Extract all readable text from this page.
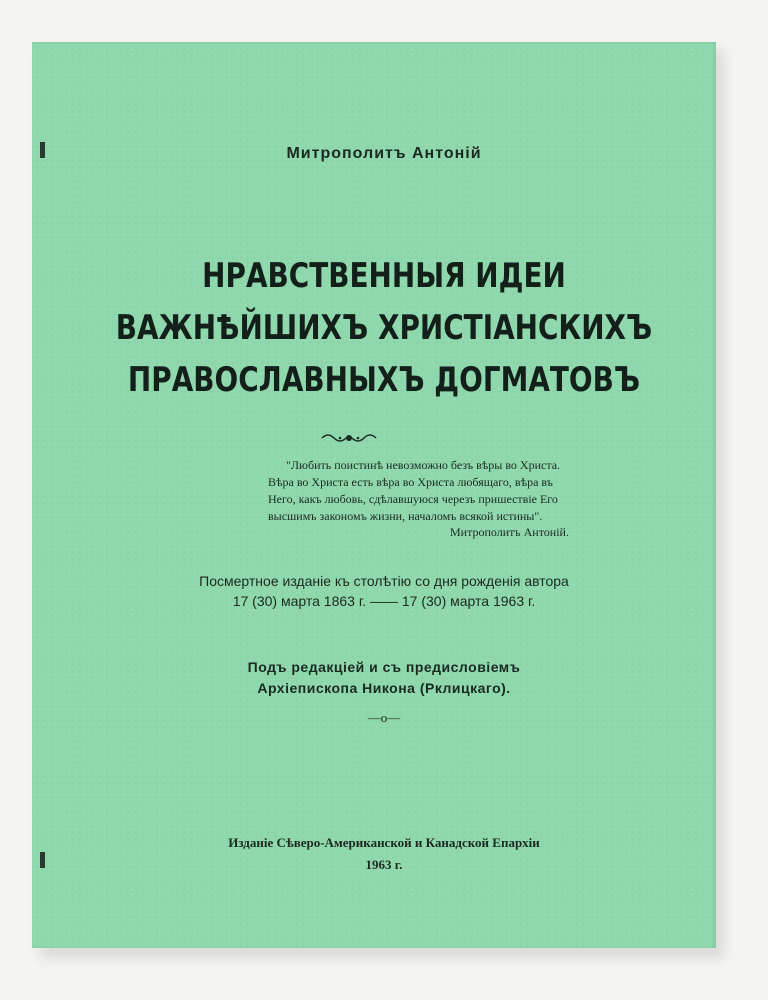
Митрополитъ Антоній
НРАВСТВЕННЫЯ ИДЕИ
ВАЖНѢЙШИХЪ ХРИСТІАНСКИХЪ
ПРАВОСЛАВНЫХЪ ДОГМАТОВЪ
"Любить поистинѣ невозможно безъ вѣры во Христа.
Вѣра во Христа есть вѣра во Христа любящаго, вѣра въ
Него, какъ любовь, сдѣлавшуюся черезъ пришествіе Его
высшимъ закономъ жизни, началомъ всякой истины".
Митрополитъ Антоній.
Посмертное изданіе къ столѣтію со дня рожденія автора
17 (30) марта 1863 г. —— 17 (30) марта 1963 г.
Подъ редакціей и съ предисловіемъ
Архіепископа Никона (Рклицкаго).
—o—
Изданіе Сѣверо-Американской и Канадской Епархіи
1963 г.
